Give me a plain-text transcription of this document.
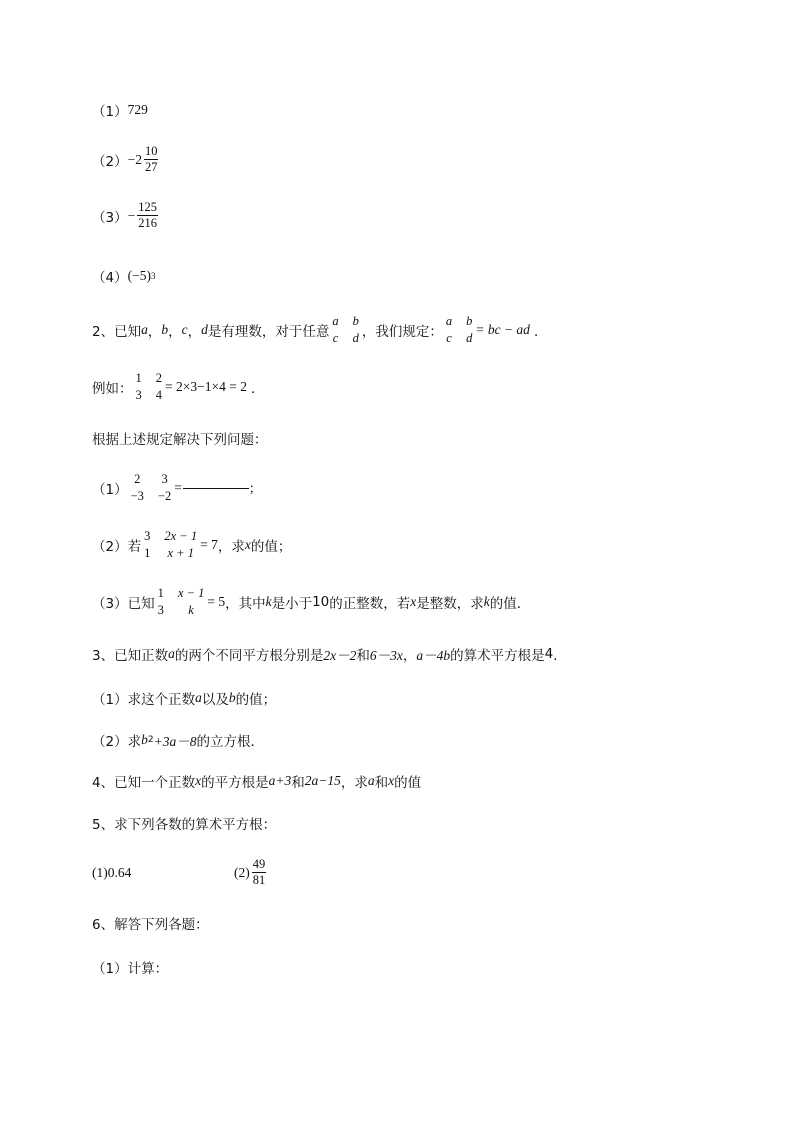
（1） 729
$(2) -2 \frac{10}{27}$
$(3) - \frac{125}{216}$
（4） (−5) 3
2、已知 a ， b ， c ， d 是有理数，对于任意
a b
c d ，我们规定：
a b
c d
= bc − ad ．
例如：
1 2
3 4
= 2×3−1×4 = 2 ．
根据上述规定解决下列问题：
（1）
2 3
−3 −2
=	;
（2）若
3 2x − 1
1 x + 1
= 7 ，求 x 的值；
（3）已知
1 x − 1
3	k
= 5 ，其中 k 是小于 10 的正整数，若 x 是整数，求 k 的值．
3、已知正数 a 的两个不同平方根分别是 2x－2 和 6－3x ， a－4b 的算术平方根是 4 ．
（1）求这个正数 a 以及 b 的值；
（2）求 b 2 +3a－8 的立方根．
4、已知一个正数 x 的平方根是 a+3 和 2a−15 ，求 a 和 x 的值
5、求下列各数的算术平方根：
(1)0.64	$(2) \frac{49}{81}$
6、解答下列各题：
（1）计算：
